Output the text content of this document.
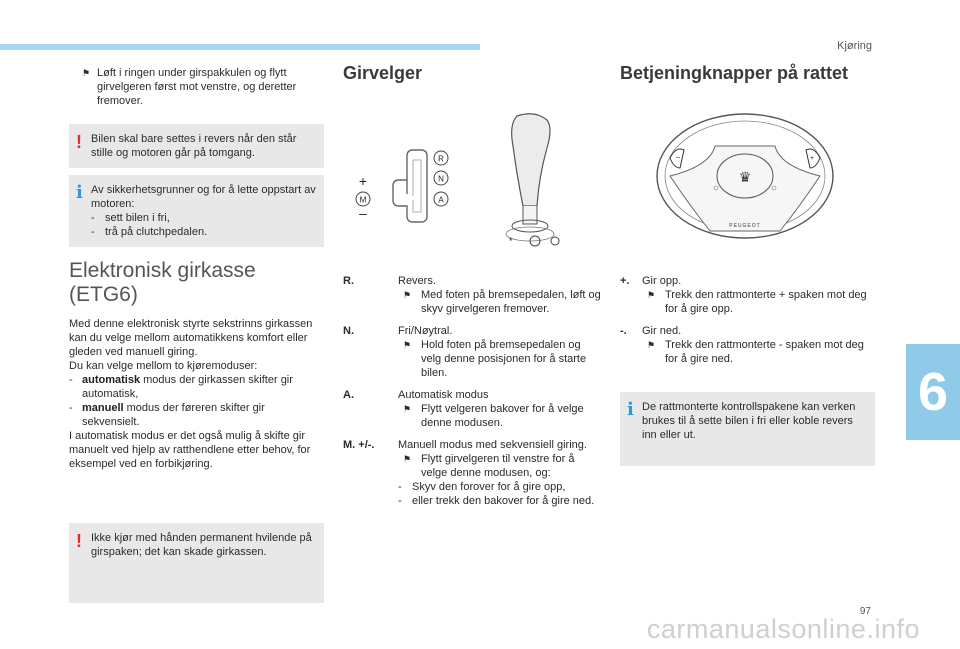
Kjøring
6
97
⚑ Løft i ringen under girspakkulen og flytt girvelgeren først mot venstre, og deretter fremover.
! Bilen skal bare settes i revers når den står stille og motoren går på tomgang.
i Av sikkerhetsgrunner og for å lette oppstart av motoren:
- sett bilen i fri,
- trå på clutchpedalen.
Elektronisk girkasse
(ETG6)
Med denne elektronisk styrte sekstrinns girkassen kan du velge mellom automatikkens komfort eller gleden ved manuell giring.
Du kan velge mellom to kjøremoduser:
- automatisk modus der girkassen skifter gir automatisk,
- manuell modus der føreren skifter gir sekvensielt.
I automatisk modus er det også mulig å skifte gir manuelt ved hjelp av ratthendlene etter behov, for eksempel ved en forbikjøring.
! Ikke kjør med hånden permanent hvilende på girspaken; det kan skade girkassen.
Girvelger
R
N
A
M
+
–
*
R.	Revers.
⚑ Med foten på bremsepedalen, løft og skyv girvelgeren fremover.
N.	Fri/Nøytral.
⚑ Hold foten på bremsepedalen og velg denne posisjonen for å starte bilen.
A.	Automatisk modus
⚑ Flytt velgeren bakover for å velge denne modusen.
M. +/-.	Manuell modus med sekvensiell giring.
⚑ Flytt girvelgeren til venstre for å velge denne modusen, og:
- Skyv den forover for å gire opp,
- eller trekk den bakover for å gire ned.
Betjeningknapper på rattet
♛
PEUGEOT
–	+
+.	Gir opp.
⚑ Trekk den rattmonterte + spaken mot deg for å gire opp.
-.	Gir ned.
⚑ Trekk den rattmonterte - spaken mot deg for å gire ned.
i De rattmonterte kontrollspakene kan verken brukes til å sette bilen i fri eller koble revers inn eller ut.
carmanualsonline.info
